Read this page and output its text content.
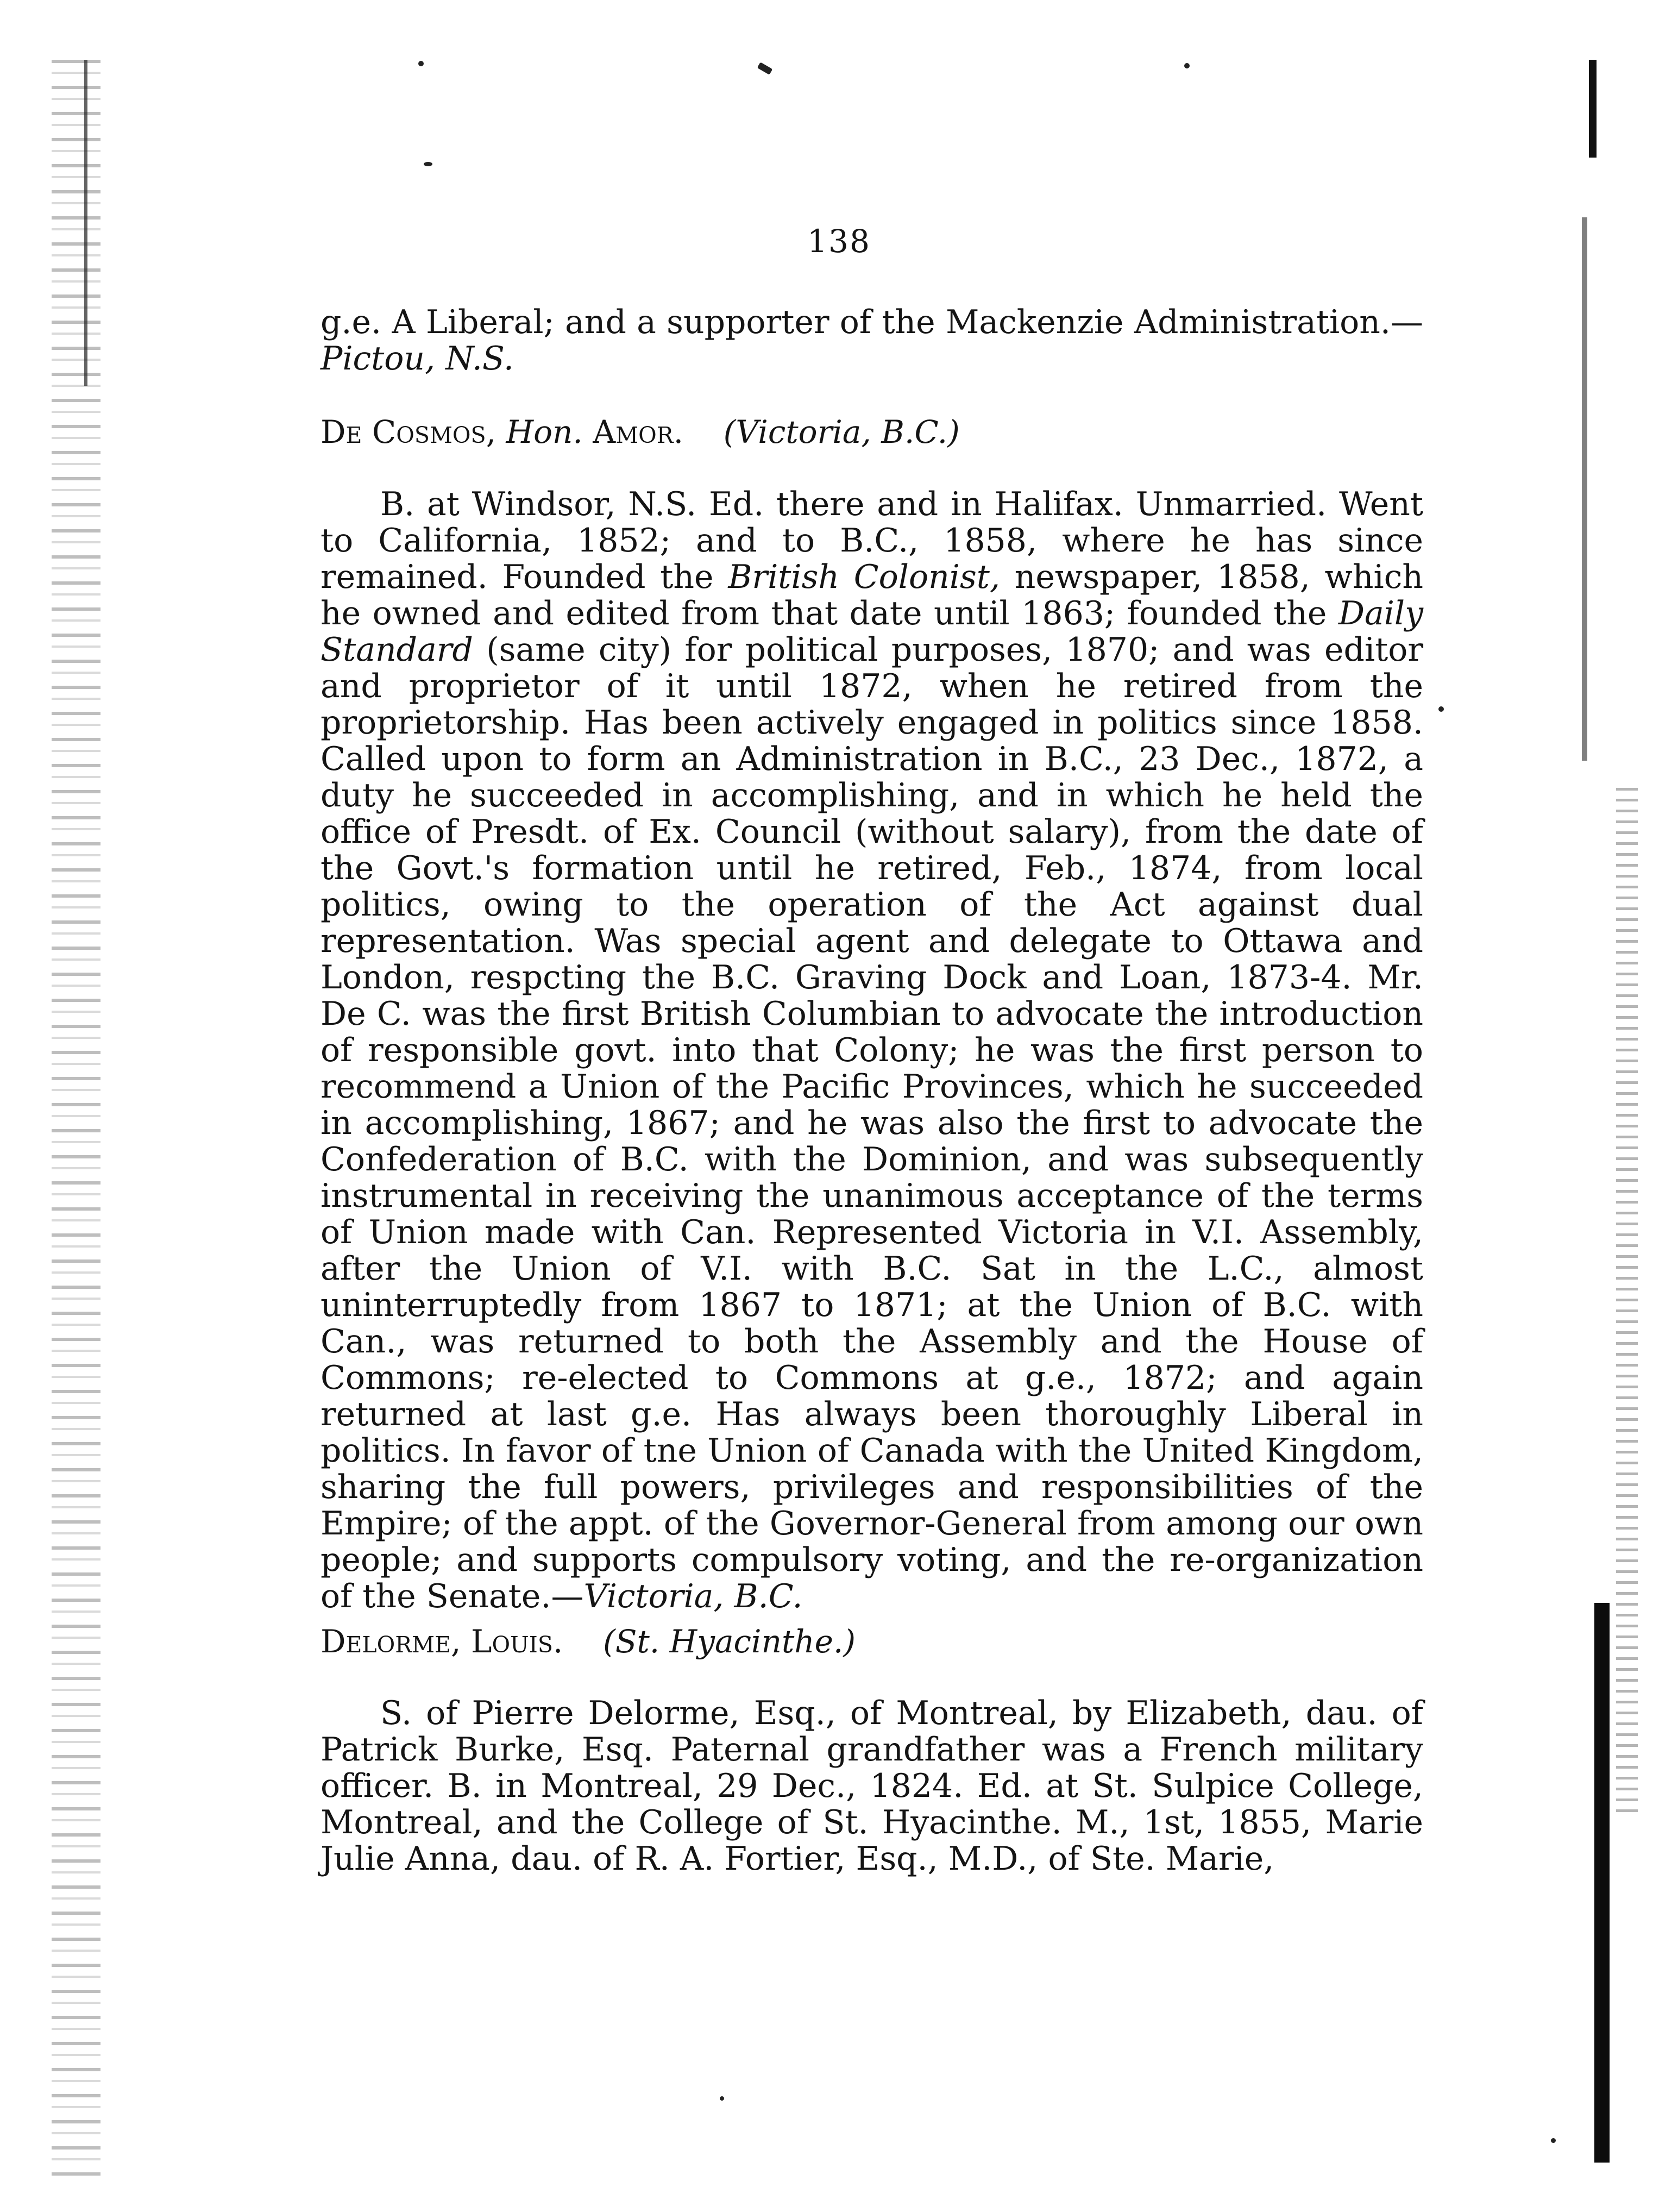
138

g.e. A Liberal; and a supporter of the Mackenzie Administration.—Pictou, N.S.

De Cosmos, Hon. Amor. (Victoria, B.C.)

B. at Windsor, N.S. Ed. there and in Halifax. Unmarried. Went to California, 1852; and to B.C., 1858, where he has since remained. Founded the British Colonist, newspaper, 1858, which he owned and edited from that date until 1863; founded the Daily Standard (same city) for political purposes, 1870; and was editor and proprietor of it until 1872, when he retired from the proprietorship. Has been actively engaged in politics since 1858. Called upon to form an Administration in B.C., 23 Dec., 1872, a duty he succeeded in accomplishing, and in which he held the office of Presdt. of Ex. Council (without salary), from the date of the Govt.'s formation until he retired, Feb., 1874, from local politics, owing to the operation of the Act against dual representation. Was special agent and delegate to Ottawa and London, respcting the B.C. Graving Dock and Loan, 1873-4. Mr. De C. was the first British Columbian to advocate the introduction of responsible govt. into that Colony; he was the first person to recommend a Union of the Pacific Provinces, which he succeeded in accomplishing, 1867; and he was also the first to advocate the Confederation of B.C. with the Dominion, and was subsequently instrumental in receiving the unanimous acceptance of the terms of Union made with Can. Represented Victoria in V.I. Assembly, after the Union of V.I. with B.C. Sat in the L.C., almost uninterruptedly from 1867 to 1871; at the Union of B.C. with Can., was returned to both the Assembly and the House of Commons; re-elected to Commons at g.e., 1872; and again returned at last g.e. Has always been thoroughly Liberal in politics. In favor of tne Union of Canada with the United Kingdom, sharing the full powers, privileges and responsibilities of the Empire; of the appt. of the Governor-General from among our own people; and supports compulsory voting, and the re-organization of the Senate.—Victoria, B.C.

Delorme, Louis. (St. Hyacinthe.)

S. of Pierre Delorme, Esq., of Montreal, by Elizabeth, dau. of Patrick Burke, Esq. Paternal grandfather was a French military officer. B. in Montreal, 29 Dec., 1824. Ed. at St. Sulpice College, Montreal, and the College of St. Hyacinthe. M., 1st, 1855, Marie Julie Anna, dau. of R. A. Fortier, Esq., M.D., of Ste. Marie,
